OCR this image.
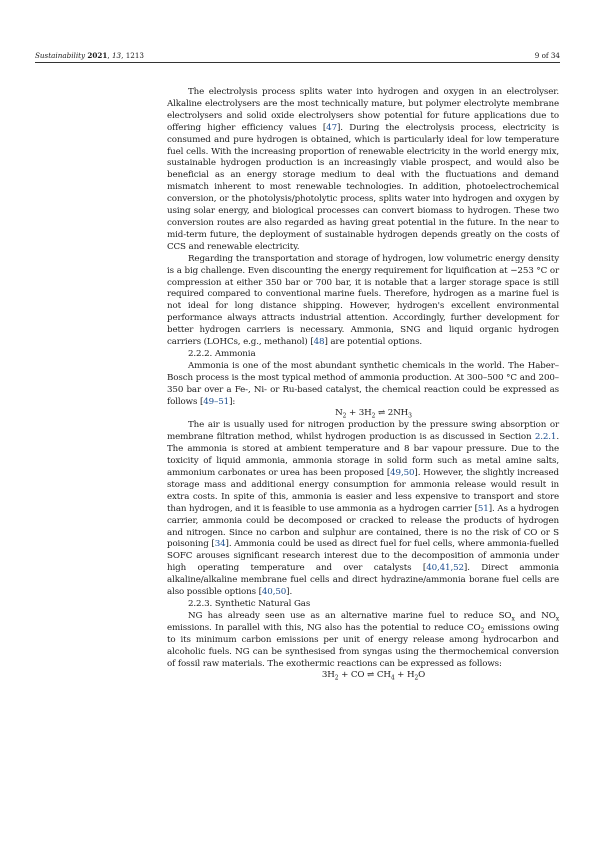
Sustainability 2021, 13, 1213	9 of 34

The electrolysis process splits water into hydrogen and oxygen in an electrolyser. Alkaline electrolysers are the most technically mature, but polymer electrolyte membrane electrolysers and solid oxide electrolysers show potential for future applications due to offering higher efficiency values [47]. During the electrolysis process, electricity is consumed and pure hydrogen is obtained, which is particularly ideal for low temperature fuel cells. With the increasing proportion of renewable electricity in the world energy mix, sustainable hydrogen production is an increasingly viable prospect, and would also be beneficial as an energy storage medium to deal with the fluctuations and demand mismatch inherent to most renewable technologies. In addition, photoelectrochemical conversion, or the photolysis/photolytic process, splits water into hydrogen and oxygen by using solar energy, and biological processes can convert biomass to hydrogen. These two conversion routes are also regarded as having great potential in the future. In the near to mid-term future, the deployment of sustainable hydrogen depends greatly on the costs of CCS and renewable electricity.

Regarding the transportation and storage of hydrogen, low volumetric energy density is a big challenge. Even discounting the energy requirement for liquification at −253 °C or compression at either 350 bar or 700 bar, it is notable that a larger storage space is still required compared to conventional marine fuels. Therefore, hydrogen as a marine fuel is not ideal for long distance shipping. However, hydrogen's excellent environmental performance always attracts industrial attention. Accordingly, further development for better hydrogen carriers is necessary. Ammonia, SNG and liquid organic hydrogen carriers (LOHCs, e.g., methanol) [48] are potential options.

2.2.2. Ammonia

Ammonia is one of the most abundant synthetic chemicals in the world. The Haber–Bosch process is the most typical method of ammonia production. At 300–500 °C and 200–350 bar over a Fe-, Ni- or Ru-based catalyst, the chemical reaction could be expressed as follows [49–51]:

$N_2 + 3H_2$ ⇌ $2NH_3$

The air is usually used for nitrogen production by the pressure swing absorption or membrane filtration method, whilst hydrogen production is as discussed in Section 2.2.1. The ammonia is stored at ambient temperature and 8 bar vapour pressure. Due to the toxicity of liquid ammonia, ammonia storage in solid form such as metal amine salts, ammonium carbonates or urea has been proposed [49,50]. However, the slightly increased storage mass and additional energy consumption for ammonia release would result in extra costs. In spite of this, ammonia is easier and less expensive to transport and store than hydrogen, and it is feasible to use ammonia as a hydrogen carrier [51]. As a hydrogen carrier, ammonia could be decomposed or cracked to release the products of hydrogen and nitrogen. Since no carbon and sulphur are contained, there is no the risk of CO or S poisoning [34]. Ammonia could be used as direct fuel for fuel cells, where ammonia-fuelled SOFC arouses significant research interest due to the decomposition of ammonia under high operating temperature and over catalysts [40,41,52]. Direct ammonia alkaline/alkaline membrane fuel cells and direct hydrazine/ammonia borane fuel cells are also possible options [40,50].

2.2.3. Synthetic Natural Gas

NG has already seen use as an alternative marine fuel to reduce $SO_x$ and $NO_x$ emissions. In parallel with this, NG also has the potential to reduce $CO_2$ emissions owing to its minimum carbon emissions per unit of energy release among hydrocarbon and alcoholic fuels. NG can be synthesised from syngas using the thermochemical conversion of fossil raw materials. The exothermic reactions can be expressed as follows:

$3H_2$ + CO ⇌ $CH_4 + H_2O$
